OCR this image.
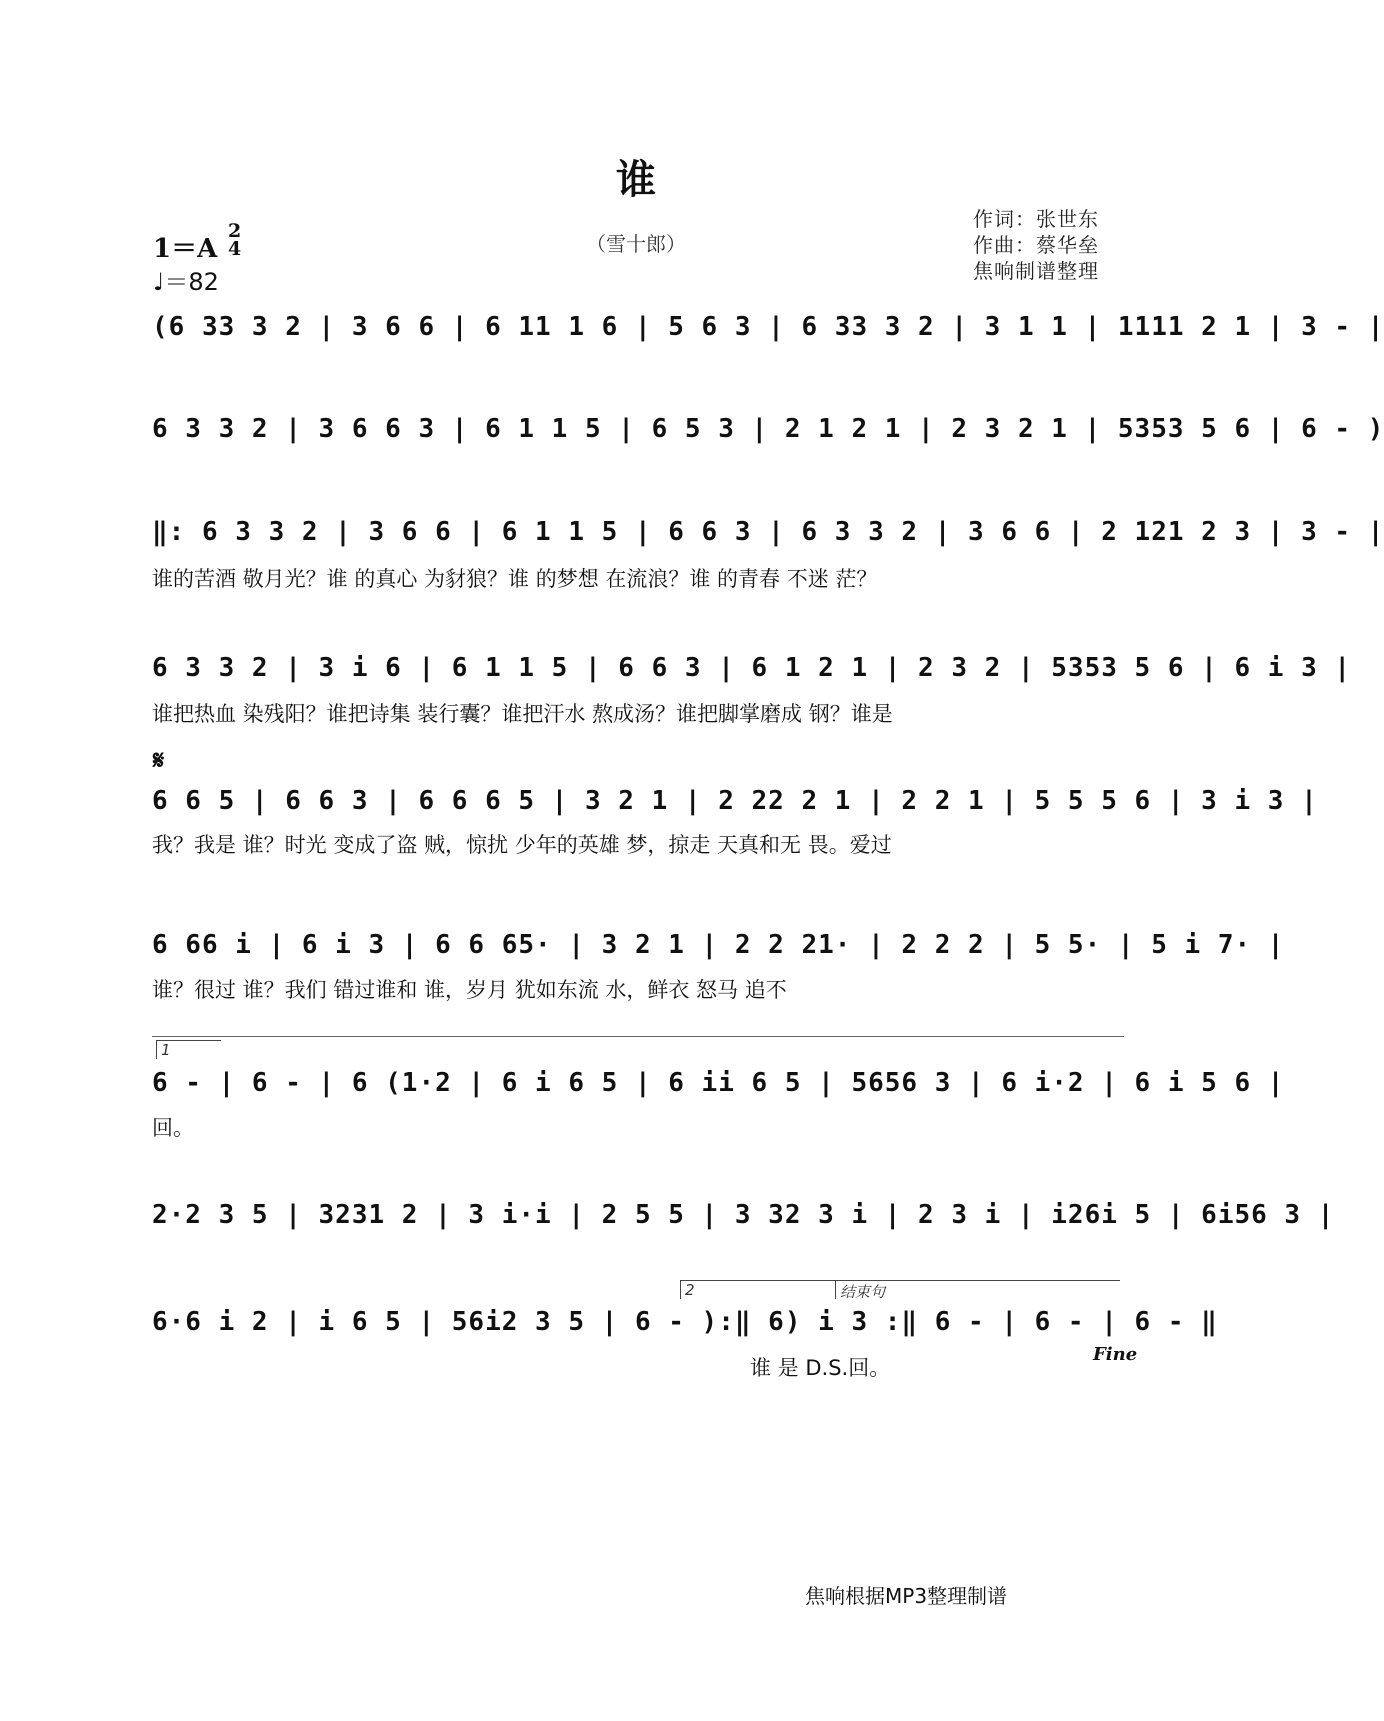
谁
（雪十郎）
作词：张世东
作曲：蔡华垒
焦响制谱整理
1＝A
2
4
♩＝82
(6 33 3 2 | 3 6 6 | 6 11 1 6 | 5 6 3 | 6 33 3 2 | 3 1 1 | 1111 2 1 | 3 - |
6 3 3 2 | 3 6 6 3 | 6 1 1 5 | 6 5 3 | 2 1 2 1 | 2 3 2 1 | 5353 5 6 | 6 - )
‖: 6 3 3 2 | 3 6 6 | 6 1 1 5 | 6 6 3 | 6 3 3 2 | 3 6 6 | 2 121 2 3 | 3 - |
谁的苦酒 敬月光？谁 的真心 为豺狼？谁 的梦想 在流浪？谁 的青春 不迷 茫？
6 3 3 2 | 3 i 6 | 6 1 1 5 | 6 6 3 | 6 1 2 1 | 2 3 2 | 5353 5 6 | 6 i 3 |
谁把热血 染残阳？谁把诗集 装行囊？谁把汗水 熬成汤？谁把脚掌磨成 钢？谁是
𝄋
6 6 5 | 6 6 3 | 6 6 6 5 | 3 2 1 | 2 22 2 1 | 2 2 1 | 5 5 5 6 | 3 i 3 |
我？我是 谁？时光 变成了盗 贼，惊扰 少年的英雄 梦，掠走 天真和无 畏。爱过
6 66 i | 6 i 3 | 6 6 65· | 3 2 1 | 2 2 21· | 2 2 2 | 5 5· | 5 i 7· |
谁？很过 谁？我们 错过谁和 谁，岁月 犹如东流 水，鲜衣 怒马 追不
1
6 - | 6 - | 6 (1·2 | 6 i 6 5 | 6 ii 6 5 | 5656 3 | 6 i·2 | 6 i 5 6 |
回。
2·2 3 5 | 3231 2 | 3 i·i | 2 5 5 | 3 32 3 i | 2 3 i | i26i 5 | 6i56 3 |
2	结束句
6·6 i 2 | i 6 5 | 56i2 3 5 | 6 - ):‖ 6) i 3 :‖ 6 - | 6 - | 6 - ‖
谁 是 D.S.回。
Fine
焦响根据MP3整理制谱
